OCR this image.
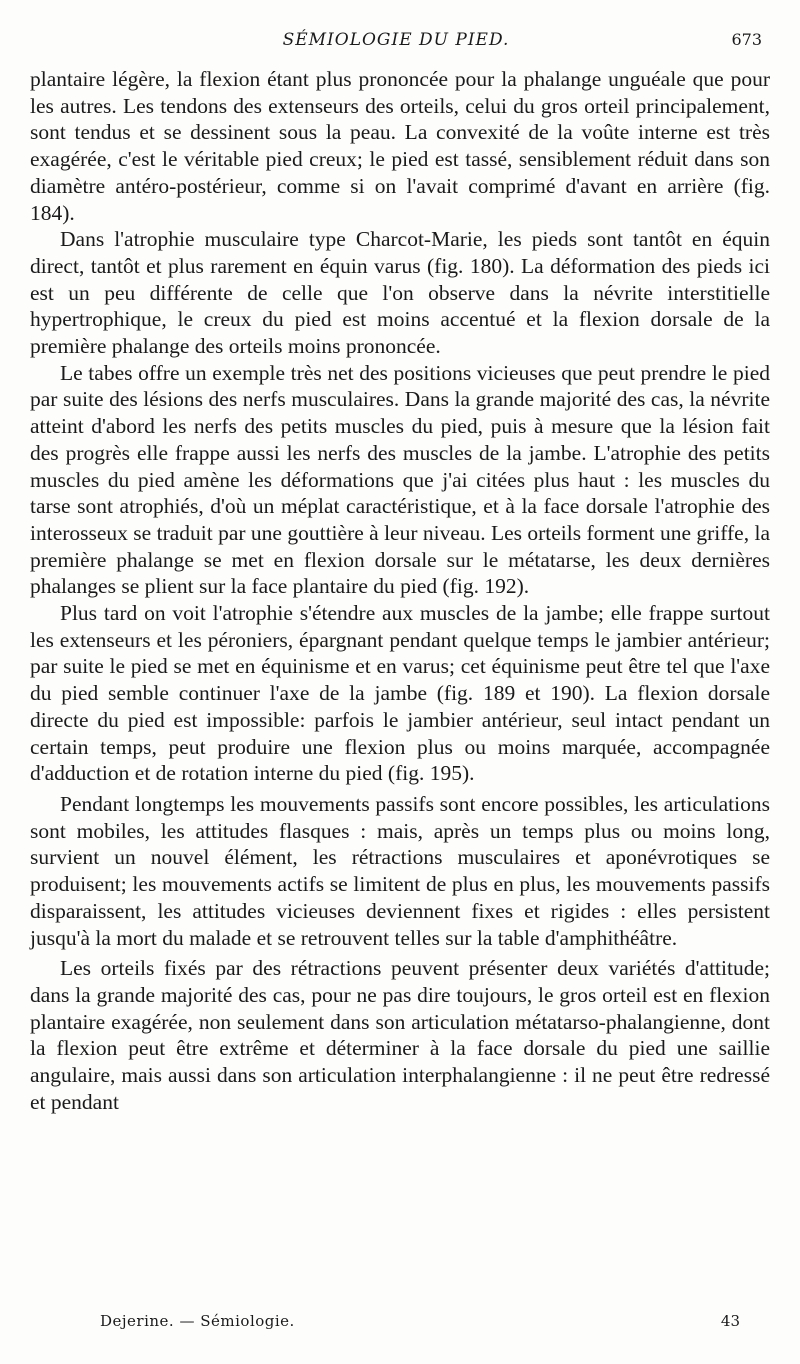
SÉMIOLOGIE DU PIED.	673

plantaire légère, la flexion étant plus prononcée pour la phalange unguéale que pour les autres. Les tendons des extenseurs des orteils, celui du gros orteil principalement, sont tendus et se dessinent sous la peau. La convexité de la voûte interne est très exagérée, c'est le véritable pied creux; le pied est tassé, sensiblement réduit dans son diamètre antéro-postérieur, comme si on l'avait comprimé d'avant en arrière (fig. 184).

Dans l'atrophie musculaire type Charcot-Marie, les pieds sont tantôt en équin direct, tantôt et plus rarement en équin varus (fig. 180). La déformation des pieds ici est un peu différente de celle que l'on observe dans la névrite interstitielle hypertrophique, le creux du pied est moins accentué et la flexion dorsale de la première phalange des orteils moins prononcée.

Le tabes offre un exemple très net des positions vicieuses que peut prendre le pied par suite des lésions des nerfs musculaires. Dans la grande majorité des cas, la névrite atteint d'abord les nerfs des petits muscles du pied, puis à mesure que la lésion fait des progrès elle frappe aussi les nerfs des muscles de la jambe. L'atrophie des petits muscles du pied amène les déformations que j'ai citées plus haut : les muscles du tarse sont atrophiés, d'où un méplat caractéristique, et à la face dorsale l'atrophie des interosseux se traduit par une gouttière à leur niveau. Les orteils forment une griffe, la première phalange se met en flexion dorsale sur le métatarse, les deux dernières phalanges se plient sur la face plantaire du pied (fig. 192).

Plus tard on voit l'atrophie s'étendre aux muscles de la jambe; elle frappe surtout les extenseurs et les péroniers, épargnant pendant quelque temps le jambier antérieur; par suite le pied se met en équinisme et en varus; cet équinisme peut être tel que l'axe du pied semble continuer l'axe de la jambe (fig. 189 et 190). La flexion dorsale directe du pied est impossible: parfois le jambier antérieur, seul intact pendant un certain temps, peut produire une flexion plus ou moins marquée, accompagnée d'adduction et de rotation interne du pied (fig. 195).

Pendant longtemps les mouvements passifs sont encore possibles, les articulations sont mobiles, les attitudes flasques : mais, après un temps plus ou moins long, survient un nouvel élément, les rétractions musculaires et aponévrotiques se produisent; les mouvements actifs se limitent de plus en plus, les mouvements passifs disparaissent, les attitudes vicieuses deviennent fixes et rigides : elles persistent jusqu'à la mort du malade et se retrouvent telles sur la table d'amphithéâtre.

Les orteils fixés par des rétractions peuvent présenter deux variétés d'attitude; dans la grande majorité des cas, pour ne pas dire toujours, le gros orteil est en flexion plantaire exagérée, non seulement dans son articulation métatarso-phalangienne, dont la flexion peut être extrême et déterminer à la face dorsale du pied une saillie angulaire, mais aussi dans son articulation interphalangienne : il ne peut être redressé et pendant

Dejerine. — Sémiologie.	43
